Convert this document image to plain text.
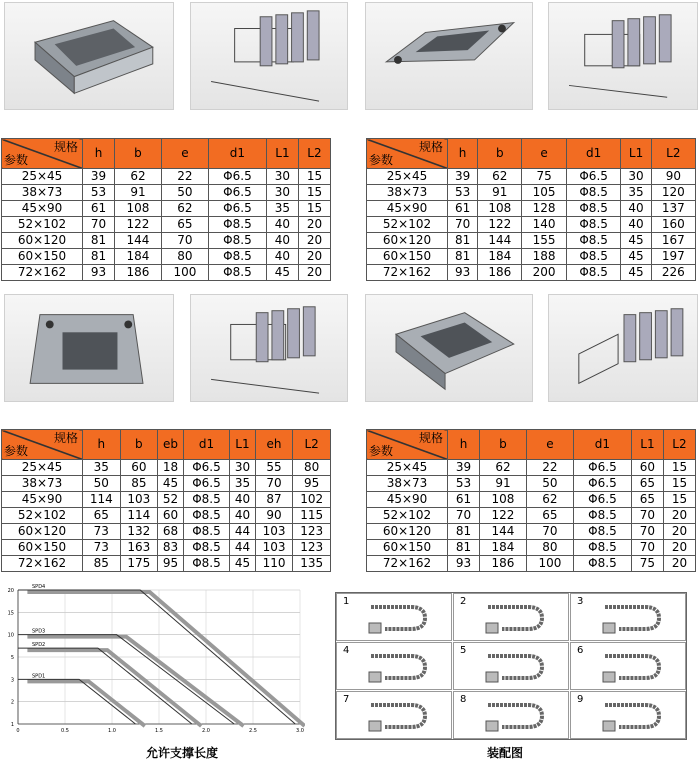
规格
参数	h	b	e	d1	L1	L2
25×45	39	62	22	Φ6.5	30	15
38×73	53	91	50	Φ6.5	30	15
45×90	61	108	62	Φ6.5	35	15
52×102	70	122	65	Φ8.5	40	20
60×120	81	144	70	Φ8.5	40	20
60×150	81	184	80	Φ8.5	40	20
72×162	93	186	100	Φ8.5	45	20
规格
参数	h	b	e	d1	L1	L2
25×45	39	62	75	Φ6.5	30	90
38×73	53	91	105	Φ8.5	35	120
45×90	61	108	128	Φ8.5	40	137
52×102	70	122	140	Φ8.5	40	160
60×120	81	144	155	Φ8.5	45	167
60×150	81	184	188	Φ8.5	45	197
72×162	93	186	200	Φ8.5	45	226
规格
参数	h	b	eb	d1	L1	eh	L2
25×45	35	60	18	Φ6.5	30	55	80
38×73	50	85	45	Φ6.5	35	70	95
45×90	114	103	52	Φ8.5	40	87	102
52×102	65	114	60	Φ8.5	40	90	115
60×120	73	132	68	Φ8.5	44	103	123
60×150	73	163	83	Φ8.5	44	103	123
72×162	85	175	95	Φ8.5	45	110	135
规格
参数	h	b	e	d1	L1	L2
25×45	39	62	22	Φ6.5	60	15
38×73	53	91	50	Φ6.5	65	15
45×90	61	108	62	Φ6.5	65	15
52×102	70	122	65	Φ8.5	70	20
60×120	81	144	70	Φ8.5	70	20
60×150	81	184	80	Φ8.5	70	20
72×162	93	186	100	Φ8.5	75	20
1
2
3
5
10
15
20
0	0.5	1.0	1.5	2.0	2.5	3.0
SPD1
SPD2
SPD3
SPD4
允许支撑长度
1	2	3
4	5	6
7	8	9
装配图
